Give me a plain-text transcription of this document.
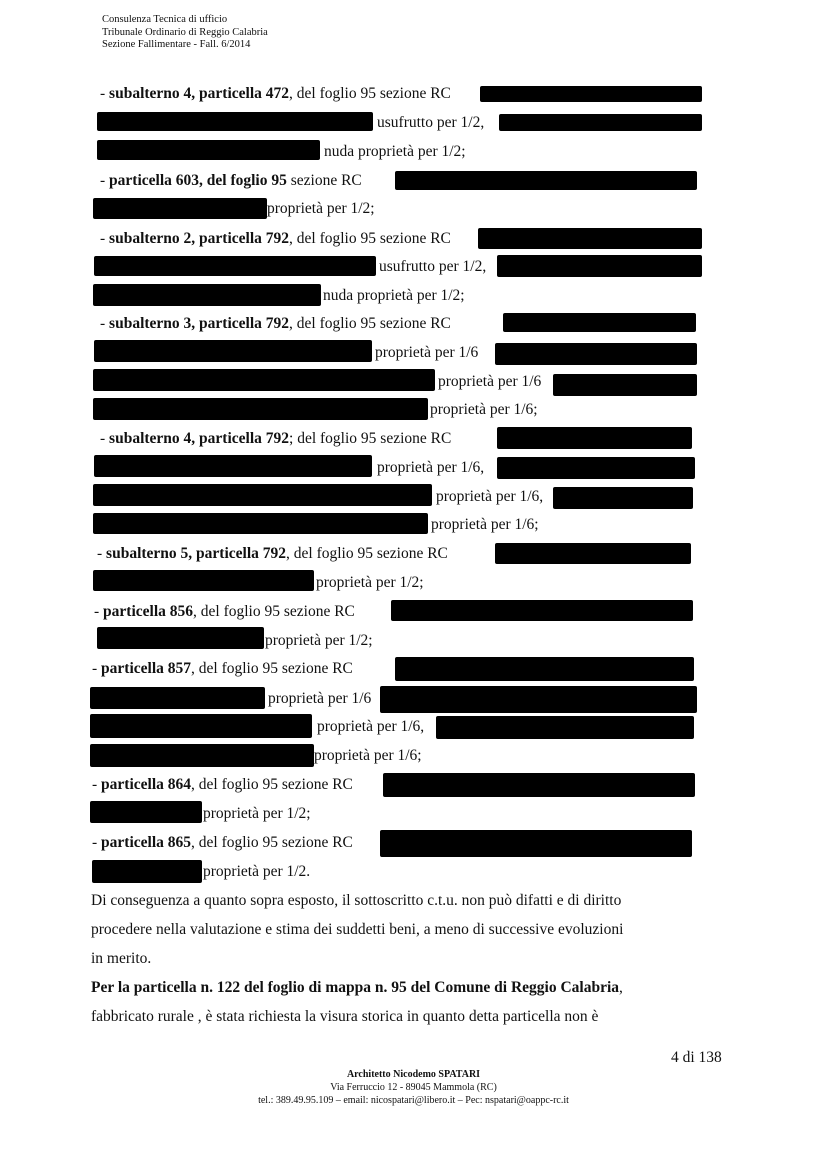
Consulenza Tecnica di ufficio
Tribunale Ordinario di Reggio Calabria
Sezione Fallimentare - Fall. 6/2014
- subalterno 4, particella 472, del foglio 95 sezione RC
usufrutto per 1/2,
nuda proprietà per 1/2;
- particella 603, del foglio 95 sezione RC
proprietà per 1/2;
- subalterno 2, particella 792, del foglio 95 sezione RC
usufrutto per 1/2,
nuda proprietà per 1/2;
- subalterno 3, particella 792, del foglio 95 sezione RC
proprietà per 1/6
proprietà per 1/6
proprietà per 1/6;
- subalterno 4, particella 792; del foglio 95 sezione RC
proprietà per 1/6,
proprietà per 1/6,
proprietà per 1/6;
- subalterno 5, particella 792, del foglio 95 sezione RC
proprietà per 1/2;
- particella 856, del foglio 95 sezione RC
proprietà per 1/2;
- particella 857, del foglio 95 sezione RC
proprietà per 1/6
proprietà per 1/6,
proprietà per 1/6;
- particella 864, del foglio 95 sezione RC
proprietà per 1/2;
- particella 865, del foglio 95 sezione RC
proprietà per 1/2.
Di conseguenza a quanto sopra esposto, il sottoscritto c.t.u. non può difatti e di diritto
procedere nella valutazione e stima dei suddetti beni, a meno di successive evoluzioni
in merito.
Per la particella n. 122 del foglio di mappa n. 95 del Comune di Reggio Calabria,
fabbricato rurale , è stata richiesta la visura storica in quanto detta particella non è
4 di 138
Architetto Nicodemo SPATARI
Via Ferruccio 12 - 89045 Mammola (RC)
tel.: 389.49.95.109 – email: nicospatari@libero.it – Pec: nspatari@oappc-rc.it
